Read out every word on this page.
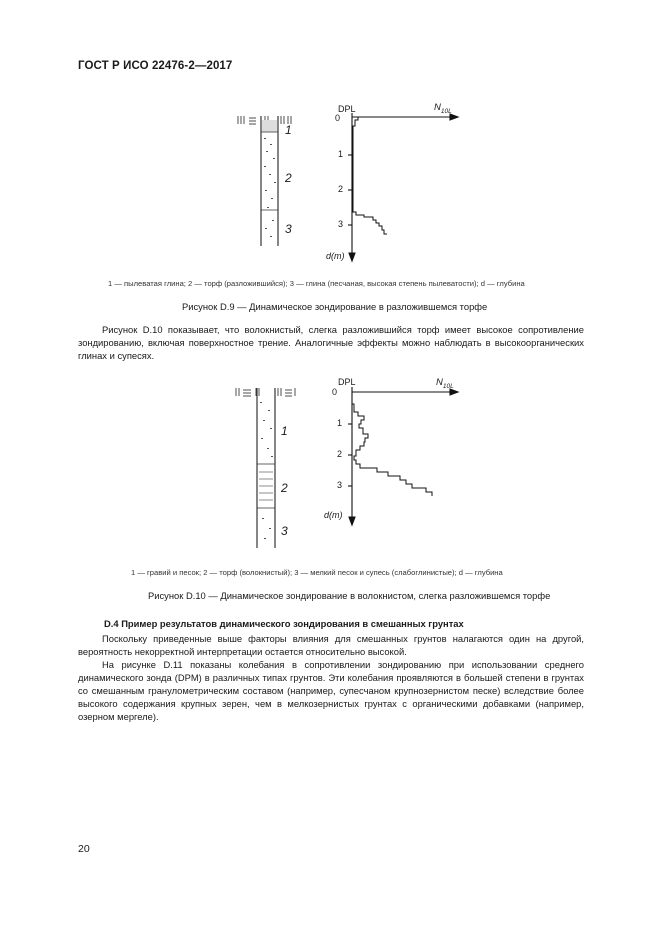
ГОСТ Р ИСО 22476-2—2017
1
2
3
DPL	$N_{10L}$
0
1
2
3
d(m)
1 — пылеватая глина; 2 — торф (разложившийся); 3 — глина (песчаная, высокая степень пылеватости); d — глубина
Рисунок D.9 — Динамическое зондирование в разложившемся торфе

Рисунок D.10 показывает, что волокнистый, слегка разложившийся торф имеет высокое сопротивление зондированию, включая поверхностное трение. Аналогичные эффекты можно наблюдать в высокоорганических глинах и супесях.

1
2
3
DPL	$N_{10L}$
0
1
2
3
d(m)
1 — гравий и песок; 2 — торф (волокнистый); 3 — мелкий песок и супесь (слабоглинистые); d — глубина
Рисунок D.10 — Динамическое зондирование в волокнистом, слегка разложившемся торфе
D.4 Пример результатов динамического зондирования в смешанных грунтах

Поскольку приведенные выше факторы влияния для смешанных грунтов налагаются один на другой, вероятность некорректной интерпретации остается относительно высокой.

На рисунке D.11 показаны колебания в сопротивлении зондированию при использовании среднего динамического зонда (DPM) в различных типах грунтов. Эти колебания проявляются в большей степени в грунтах со смешанным гранулометрическим составом (например, супесчаном крупнозернистом песке) вследствие более высокого содержания крупных зерен, чем в мелкозернистых грунтах с органическими добавками (например, озерном мергеле).

20
